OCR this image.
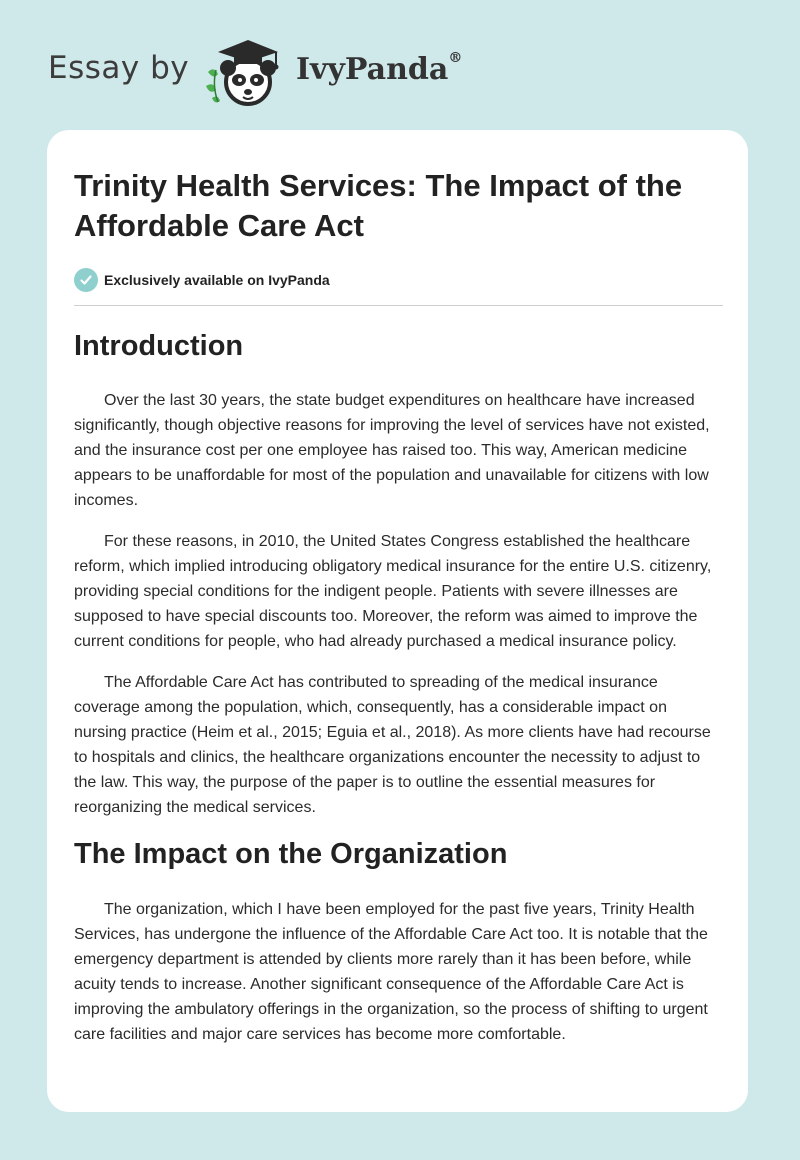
Essay by	IvyPanda®
Trinity Health Services: The Impact of the Affordable Care Act
Exclusively available on IvyPanda
Introduction

Over the last 30 years, the state budget expenditures on healthcare have increased significantly, though objective reasons for improving the level of services have not existed, and the insurance cost per one employee has raised too. This way, American medicine appears to be unaffordable for most of the population and unavailable for citizens with low incomes.

For these reasons, in 2010, the United States Congress established the healthcare reform, which implied introducing obligatory medical insurance for the entire U.S. citizenry, providing special conditions for the indigent people. Patients with severe illnesses are supposed to have special discounts too. Moreover, the reform was aimed to improve the current conditions for people, who had already purchased a medical insurance policy.

The Affordable Care Act has contributed to spreading of the medical insurance coverage among the population, which, consequently, has a considerable impact on nursing practice (Heim et al., 2015; Eguia et al., 2018). As more clients have had recourse to hospitals and clinics, the healthcare organizations encounter the necessity to adjust to the law. This way, the purpose of the paper is to outline the essential measures for reorganizing the medical services.

The Impact on the Organization

The organization, which I have been employed for the past five years, Trinity Health Services, has undergone the influence of the Affordable Care Act too. It is notable that the emergency department is attended by clients more rarely than it has been before, while acuity tends to increase. Another significant consequence of the Affordable Care Act is improving the ambulatory offerings in the organization, so the process of shifting to urgent care facilities and major care services has become more comfortable.
